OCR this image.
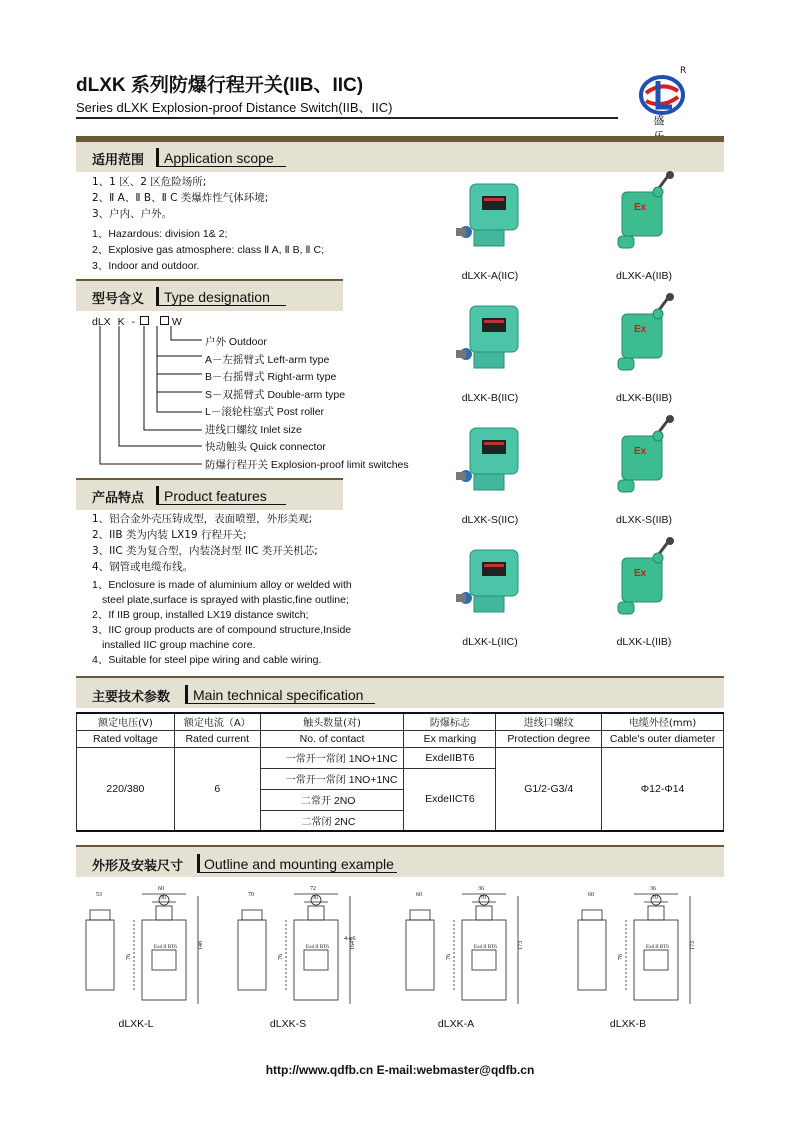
dLXK 系列防爆行程开关(IIB、IIC)
Series dLXK Explosion-proof Distance Switch(IIB、IIC)
R
盛
适用范围 Application scope
1、1 区、2 区危险场所;
2、Ⅱ A、Ⅱ B、Ⅱ C 类爆炸性气体环境;
3、户内、户外。
1、Hazardous: division 1& 2;
2、Explosive gas atmosphere: class Ⅱ A, Ⅱ B, Ⅱ C;
3、Indoor and outdoor.
型号含义 Type designation
dLX K -	W
户外 Outdoor
A－左摇臂式 Left-arm type
B－右摇臂式 Right-arm type
S－双摇臂式 Double-arm type
L－滚轮柱塞式 Post roller
进线口螺纹 Inlet size
快动触头 Quick connector
防爆行程开关 Explosion-proof limit switches
产品特点 Product features
1、铝合金外壳压铸成型，表面喷塑，外形美观;
2、IIB 类为内装 LX19 行程开关;
3、IIC 类为复合型，内装浇封型 IIC 类开关机芯;
4、钢管或电缆布线。
1、Enclosure is made of aluminium alloy or welded with
steel plate,surface is sprayed with plastic,fine outline;
2、If IIB group, installed LX19 distance switch;
3、IIC group products are of compound structure,Inside
installed IIC group machine core.
4、Suitable for steel pipe wiring and cable wiring.
dLXK-A(IIC)
Ex
dLXK-A(IIB)
dLXK-B(IIC)
Ex
dLXK-B(IIB)
dLXK-S(IIC)
Ex
dLXK-S(IIB)
dLXK-L(IIC)
Ex
dLXK-L(IIB)
主要技术参数 Main technical specification
额定电压(V)	额定电流（A）	触头数量(对)	防爆标志	进线口螺纹	电缆外径(mm)
Rated voltage	Rated current	No. of contact	Ex marking	Protection degree	Cable's outer diameter
220/380	6	一常开一常闭 1NO+1NC	ExdeIIBT6	G1/2-G3/4	Φ12-Φ14
		一常开一常闭 1NO+1NC	ExdeIICT6		
		二常开 2NO			
		二常闭 2NC			
外形及安装尺寸 Outline and mounting example
53
60
36
148
76
Exd II BT6
dLXK-L
70
72
36
164
76
Exd II BT6
4-φ6
dLXK-S
60
36
70
173
76
Exd II BT6
dLXK-A
60
36
70
173
76
Exd II BT6
dLXK-B
http://www.qdfb.cn E-mail:webmaster@qdfb.cn
